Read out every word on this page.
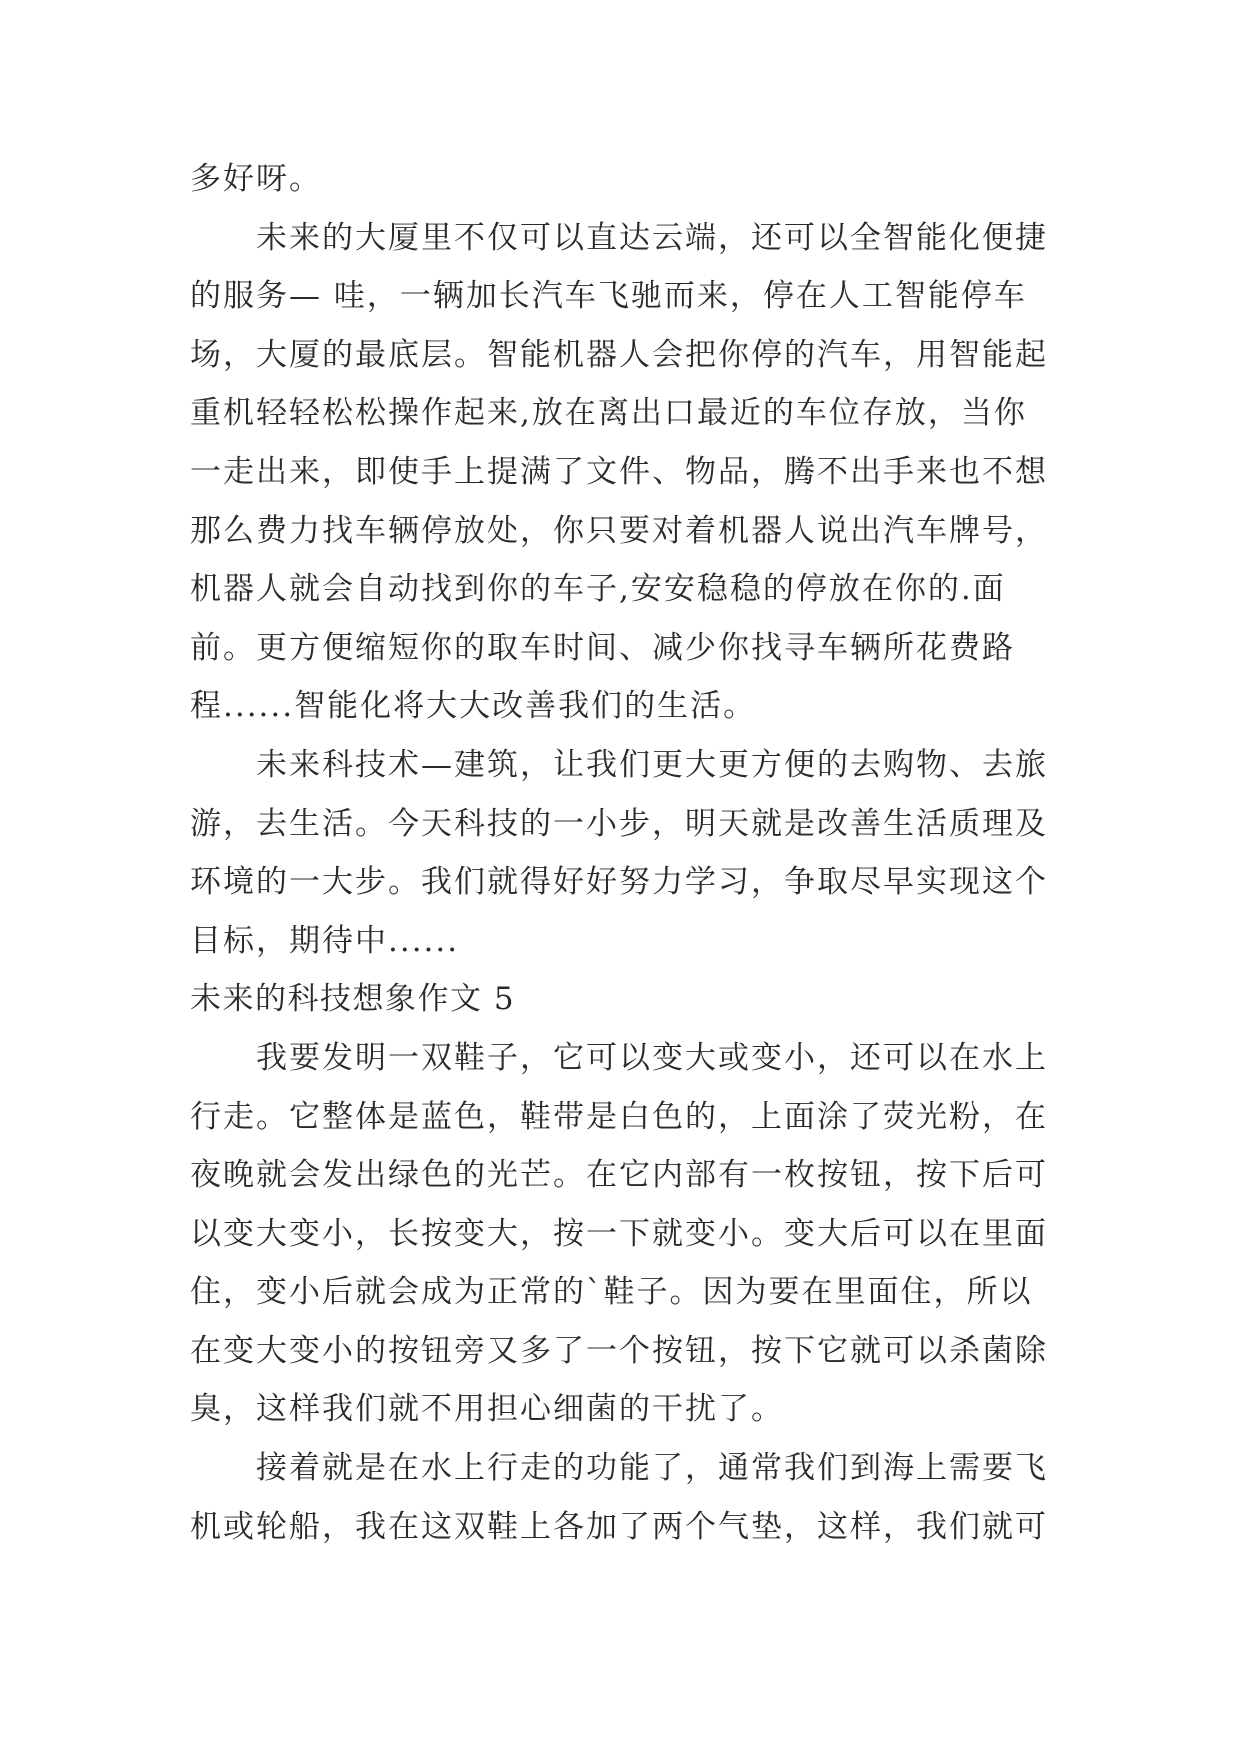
多好呀。
未来的大厦里不仅可以直达云端，还可以全智能化便捷
的服务— 哇，一辆加长汽车飞驰而来，停在人工智能停车
场，大厦的最底层。智能机器人会把你停的汽车，用智能起
重机轻轻松松操作起来,放在离出口最近的车位存放，当你
一走出来，即使手上提满了文件、物品，腾不出手来也不想
那么费力找车辆停放处，你只要对着机器人说出汽车牌号，
机器人就会自动找到你的车子,安安稳稳的停放在你的.面
前。更方便缩短你的取车时间、减少你找寻车辆所花费路
程......智能化将大大改善我们的生活。
未来科技术—建筑，让我们更大更方便的去购物、去旅
游，去生活。今天科技的一小步，明天就是改善生活质理及
环境的一大步。我们就得好好努力学习，争取尽早实现这个
目标，期待中......
未来的科技想象作文 5
我要发明一双鞋子，它可以变大或变小，还可以在水上
行走。它整体是蓝色，鞋带是白色的，上面涂了荧光粉，在
夜晚就会发出绿色的光芒。在它内部有一枚按钮，按下后可
以变大变小，长按变大，按一下就变小。变大后可以在里面
住，变小后就会成为正常的`鞋子。因为要在里面住，所以
在变大变小的按钮旁又多了一个按钮，按下它就可以杀菌除
臭，这样我们就不用担心细菌的干扰了。
接着就是在水上行走的功能了，通常我们到海上需要飞
机或轮船，我在这双鞋上各加了两个气垫，这样，我们就可
